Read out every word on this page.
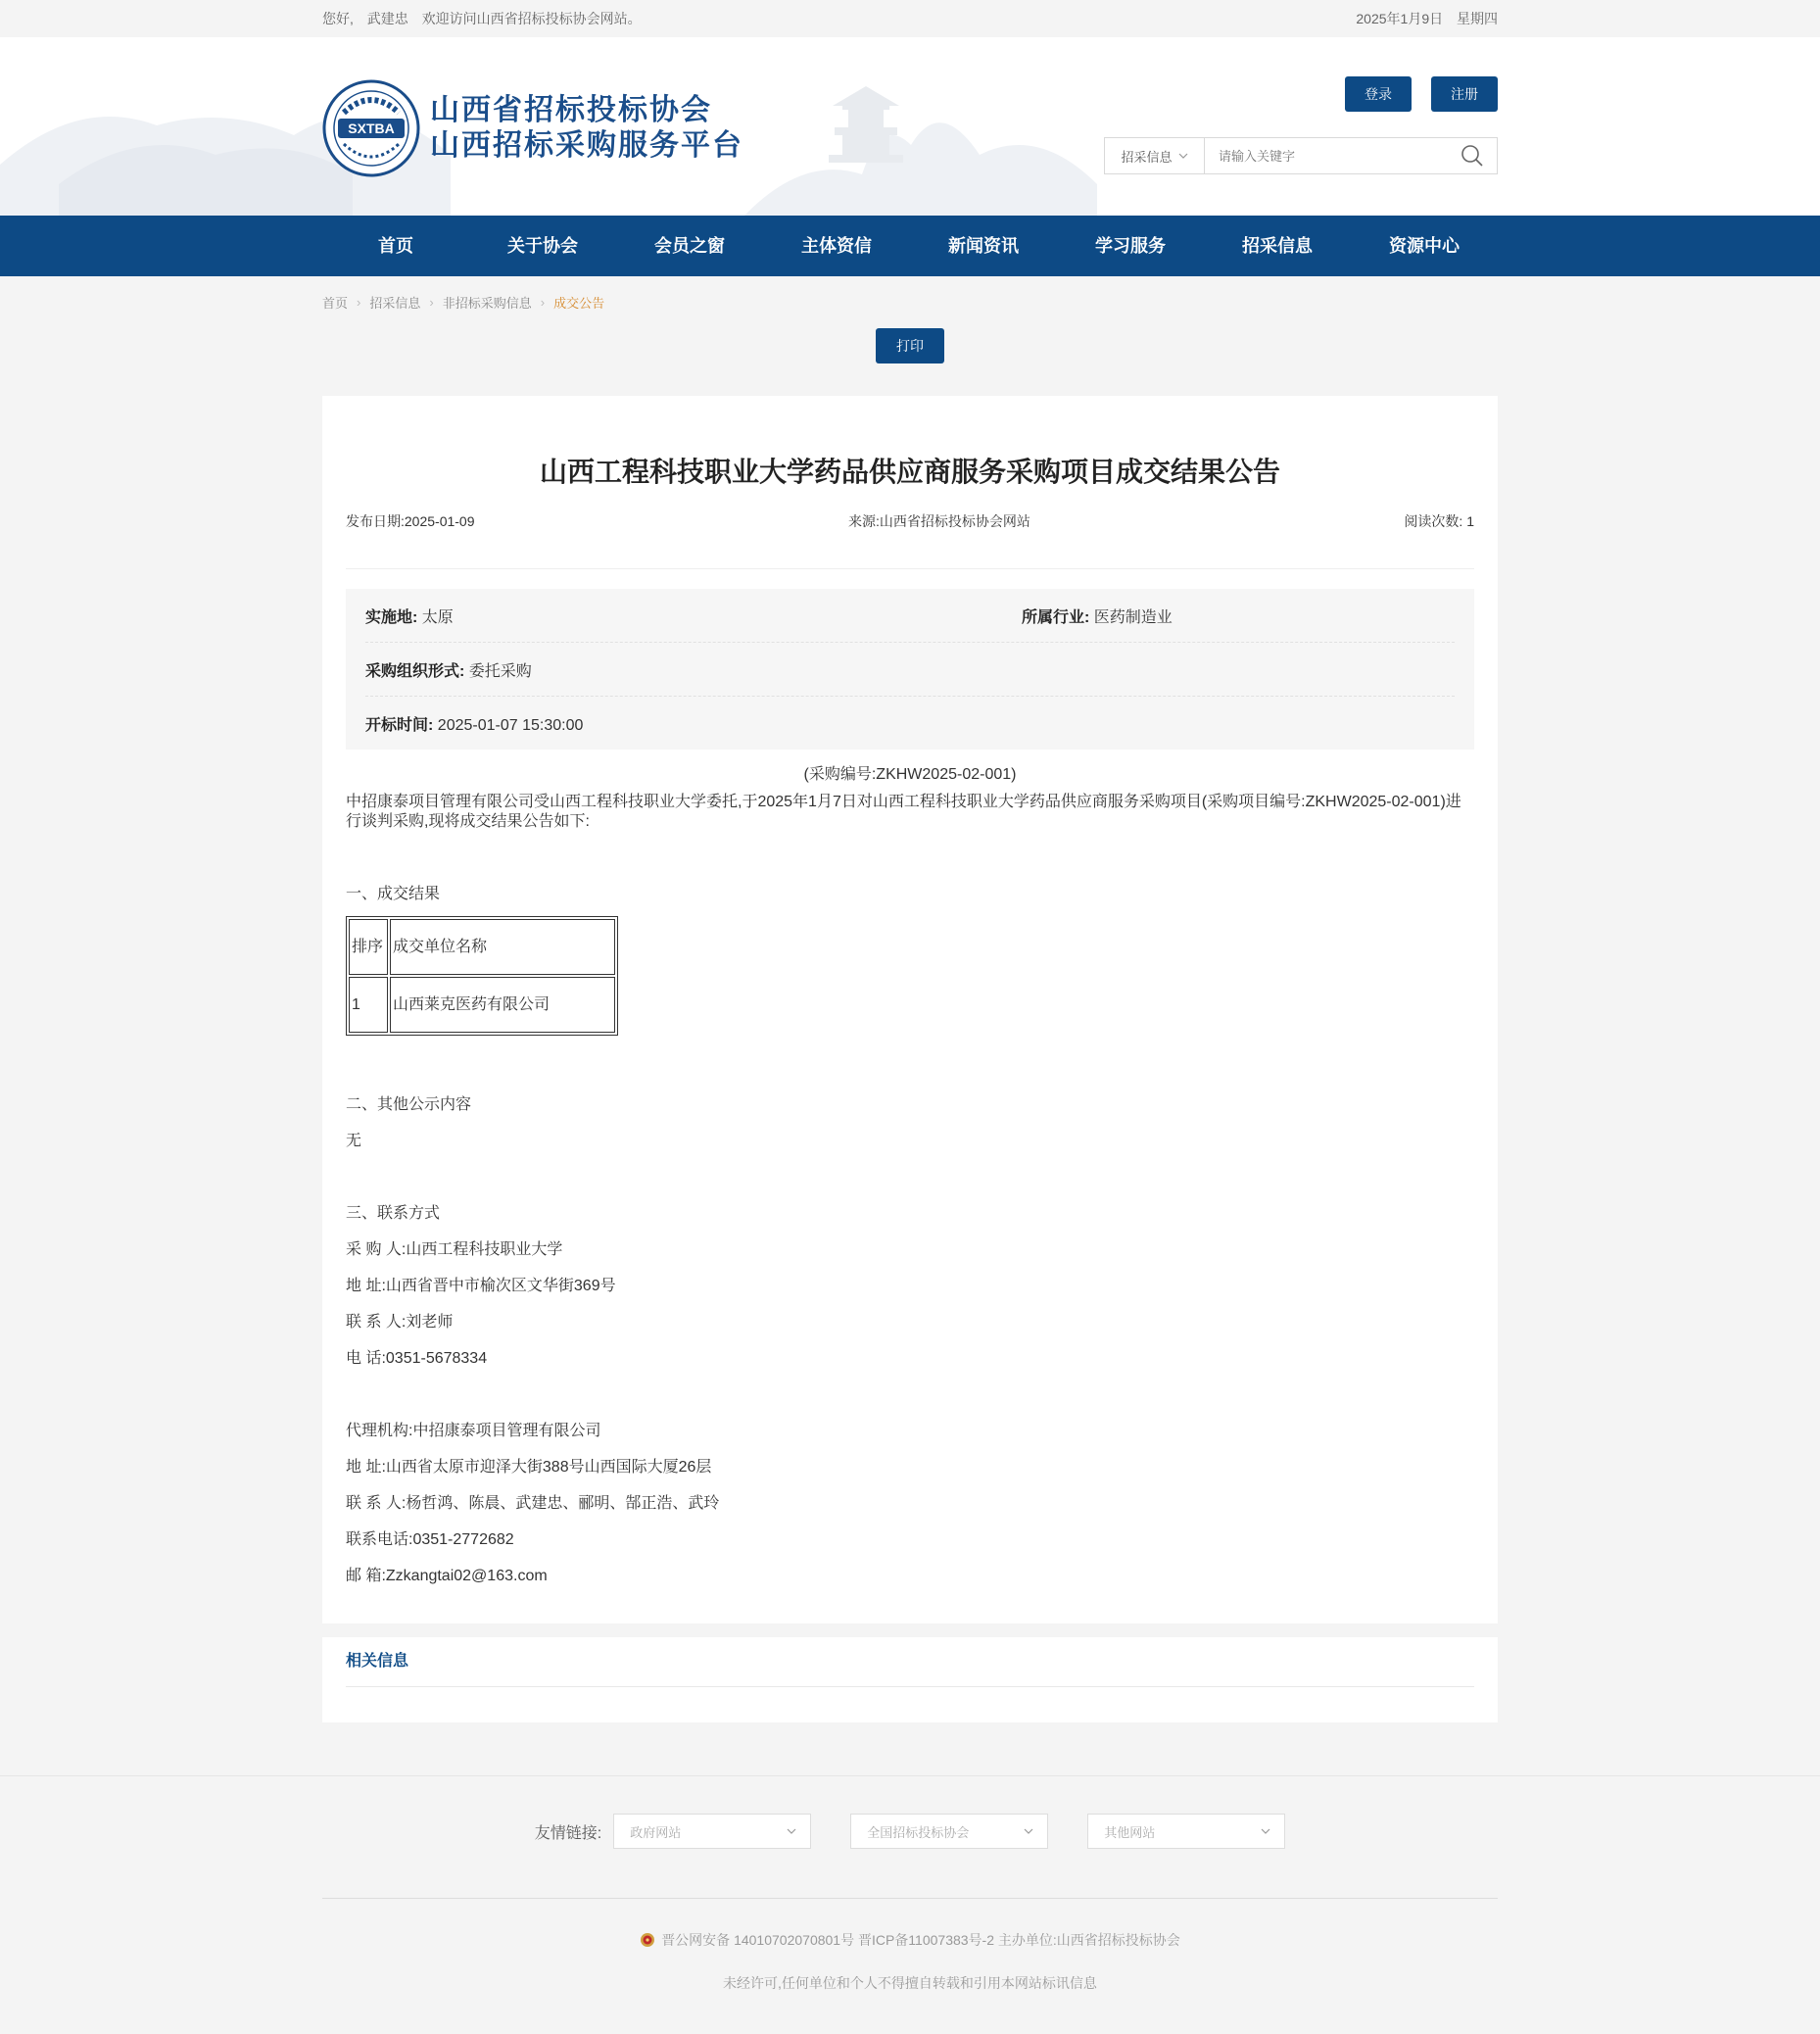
您好, 武建忠 欢迎访问山西省招标投标协会网站。	2025年1月9日 星期四
SXTBA
山西省招标投标协会
山西招标采购服务平台
登录	注册
招采信息
请输入关键字
首页	关于协会	会员之窗	主体资信	新闻资讯	学习服务	招采信息	资源中心
首页 › 招采信息 › 非招标采购信息 › 成交公告
打印
山西工程科技职业大学药品供应商服务采购项目成交结果公告
发布日期:2025-01-09	来源:山西省招标投标协会网站	阅读次数: 1
实施地: 太原	所属行业: 医药制造业
采购组织形式: 委托采购
开标时间: 2025-01-07 15:30:00
(采购编号:ZKHW2025-02-001)
中招康泰项目管理有限公司受山西工程科技职业大学委托,于2025年1月7日对山西工程科技职业大学药品供应商服务采购项目(采购项目编号:ZKHW2025-02-001)进行谈判采购,现将成交结果公告如下:
一、成交结果
排序	成交单位名称
1	山西莱克医药有限公司
二、其他公示内容
无
三、联系方式
采 购 人:山西工程科技职业大学
地 址:山西省晋中市榆次区文华街369号
联 系 人:刘老师
电 话:0351-5678334
代理机构:中招康泰项目管理有限公司
地 址:山西省太原市迎泽大街388号山西国际大厦26层
联 系 人:杨哲鸿、陈晨、武建忠、郦明、郜正浩、武玲
联系电话:0351-2772682
邮 箱:Zzkangtai02@163.com
相关信息
友情链接: 政府网站	全国招标投标协会	其他网站
晋公网安备 14010702070801号 晋ICP备11007383号-2 主办单位:山西省招标投标协会
未经许可,任何单位和个人不得擅自转载和引用本网站标讯信息
